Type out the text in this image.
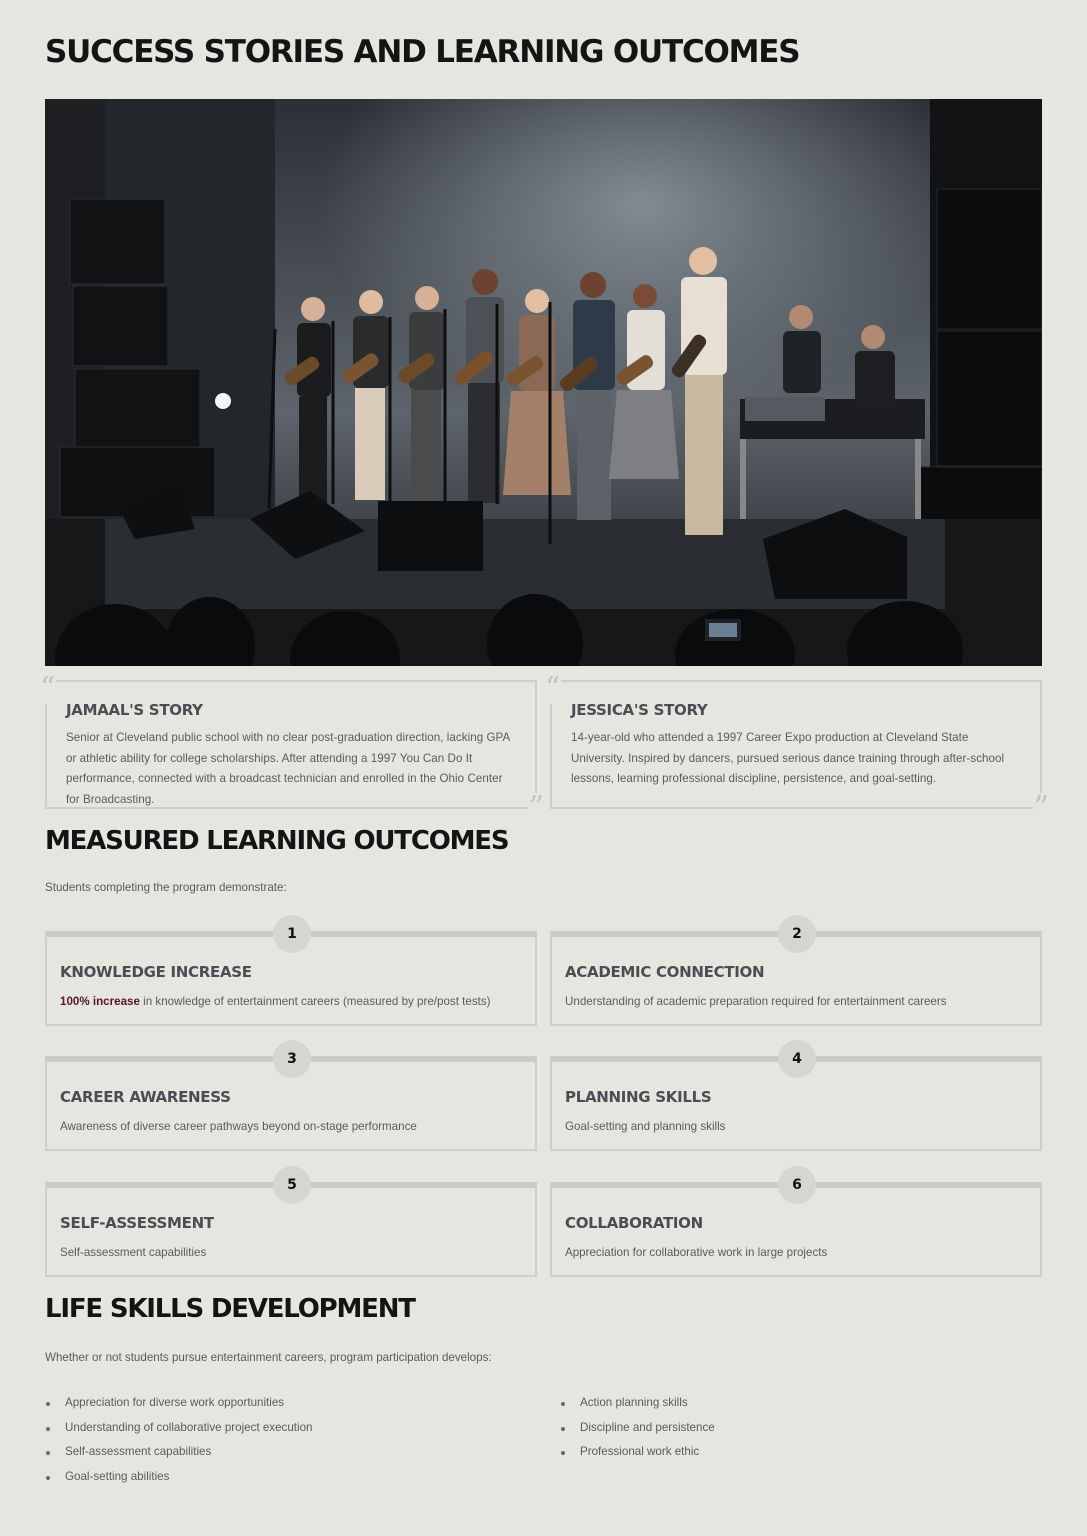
SUCCESS STORIES AND LEARNING OUTCOMES
“
JAMAAL'S STORY
Senior at Cleveland public school with no clear post-graduation direction, lacking GPA or athletic ability for college scholarships. After attending a 1997 You Can Do It performance, connected with a broadcast technician and enrolled in the Ohio Center for Broadcasting.	”
“
JESSICA'S STORY
14-year-old who attended a 1997 Career Expo production at Cleveland State University. Inspired by dancers, pursued serious dance training through after-school lessons, learning professional discipline, persistence, and goal-setting.
”
MEASURED LEARNING OUTCOMES
Students completing the program demonstrate:
1
KNOWLEDGE INCREASE
100% increase in knowledge of entertainment careers (measured by pre/post tests)
2
ACADEMIC CONNECTION
Understanding of academic preparation required for entertainment careers
3
CAREER AWARENESS
Awareness of diverse career pathways beyond on-stage performance
4
PLANNING SKILLS
Goal-setting and planning skills
5
SELF-ASSESSMENT
Self-assessment capabilities
6
COLLABORATION
Appreciation for collaborative work in large projects
LIFE SKILLS DEVELOPMENT
Whether or not students pursue entertainment careers, program participation develops:
Appreciation for diverse work opportunities
Understanding of collaborative project execution
Self-assessment capabilities
Goal-setting abilities
Action planning skills
Discipline and persistence
Professional work ethic
